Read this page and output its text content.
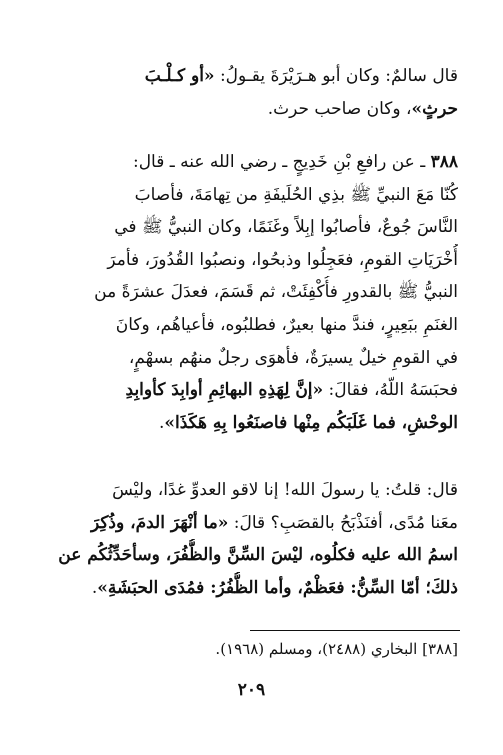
قال سالمٌ: وكان أبو هـرَيْرَةَ يقـولُ: «أو كـلْـبَ
حرثٍ»، وكان صاحب حرث.
٣٨٨ ـ عن رافعِ بْنِ خَدِيجٍ ـ رضي الله عنه ـ قال:
كُنّا مَعَ النبيِّ ﷺ بذِي الحُلَيفَةِ من تِهامَةَ، فأصابَ
النَّاسَ جُوعٌ، فأصابُوا إبِلاً وغَنَمًا، وكان النبيُّ ﷺ في
أُخْرَيَاتِ القومِ، فعَجِلُوا وذبحُوا، ونصبُوا القُدُورَ، فأمرَ
النبيُّ ﷺ بالقدورِ فأُكْفِئَتْ، ثم قَسَمَ، فعدَلَ عشرَةً من
الغنَمِ ببَعِيرٍ، فندَّ منها بعيرٌ، فطلبُوه، فأعياهُم، وكانَ
في القومِ خيلٌ يسيرَةٌ، فأهوَى رجلٌ منهُم بسهْمٍ،
فحبَسَهُ اللّهُ، فقالَ: «إنَّ لِهَذِهِ البهائِمِ أوابِدَ كأوابِدِ
الوحْشِ، فما غَلَبَكُم مِنْها فاصنَعُوا بِهِ هَكَذَا».
قال: قلتُ: يا رسولَ الله! إنا لاقو العدوِّ غدًا، وليْسَ
معَنا مُدًى، أفنَذْبَحُ بالقصَبِ؟ قالَ: «ما أنْهَرَ الدمَ، وذُكِرَ
اسمُ الله عليه فكلُوه، ليْسَ السِّنَّ والظُّفُرَ، وسأحَدِّثُكُم عن
ذلكَ؛ أمّا السِّنُّ: فعَظْمٌ، وأما الظُّفُرُ: فمُدَى الحبَشَةِ».
[٣٨٨] البخاري (٢٤٨٨)، ومسلم (١٩٦٨).
٢٠٩
